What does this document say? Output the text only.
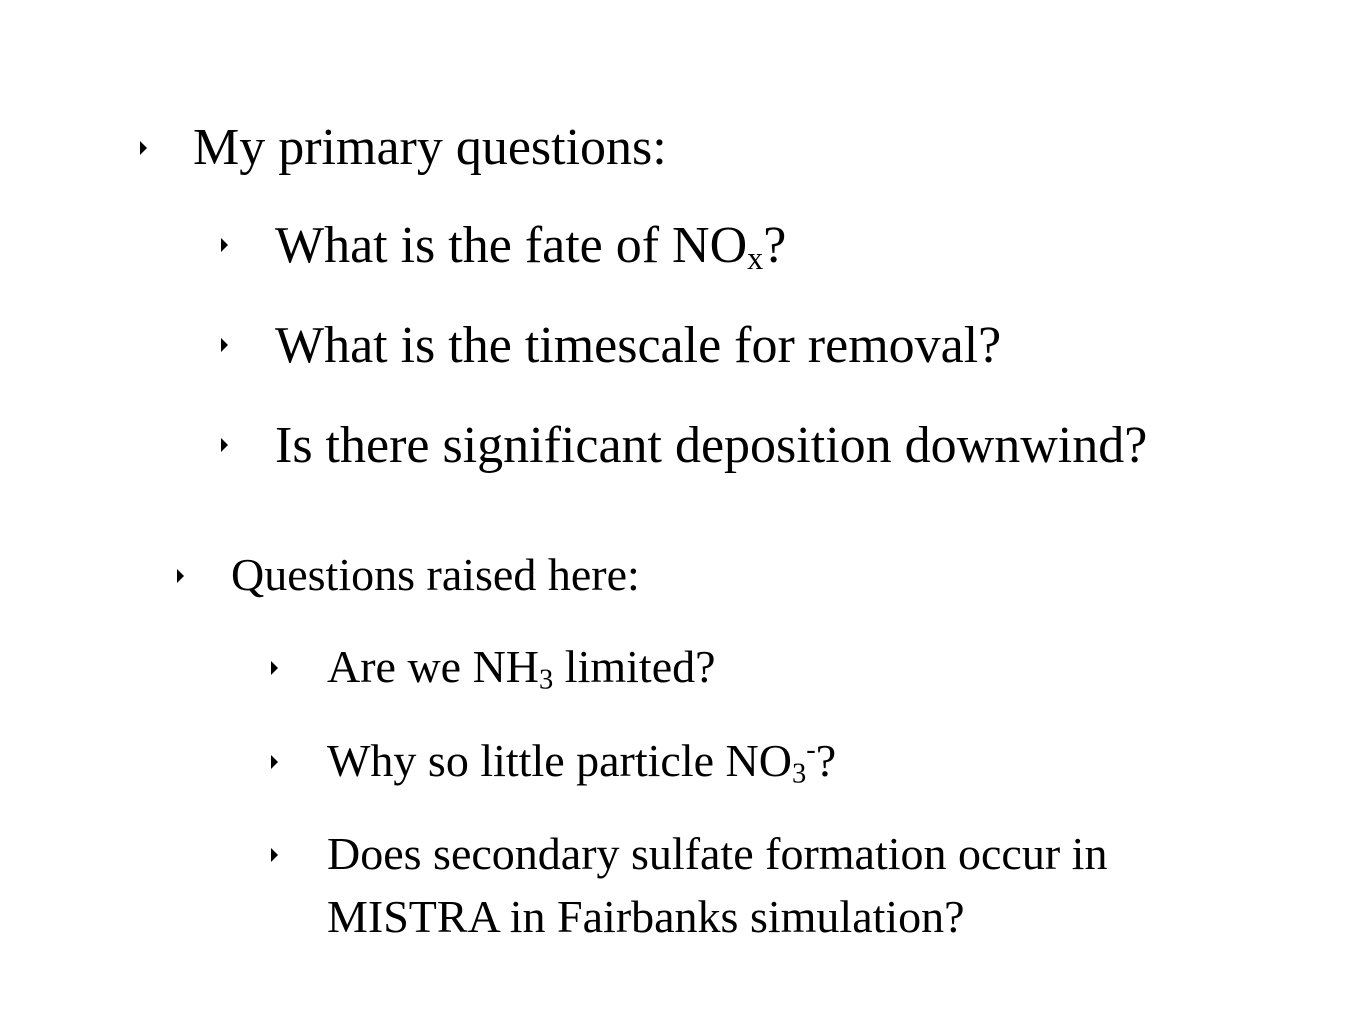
My primary questions:
What is the fate of $NO_x$?
What is the timescale for removal?
Is there significant deposition downwind?
Questions raised here:
Are we $NH_3$ limited?
Why so little particle $NO_3^-$?
Does secondary sulfate formation occur in
MISTRA in Fairbanks simulation?
